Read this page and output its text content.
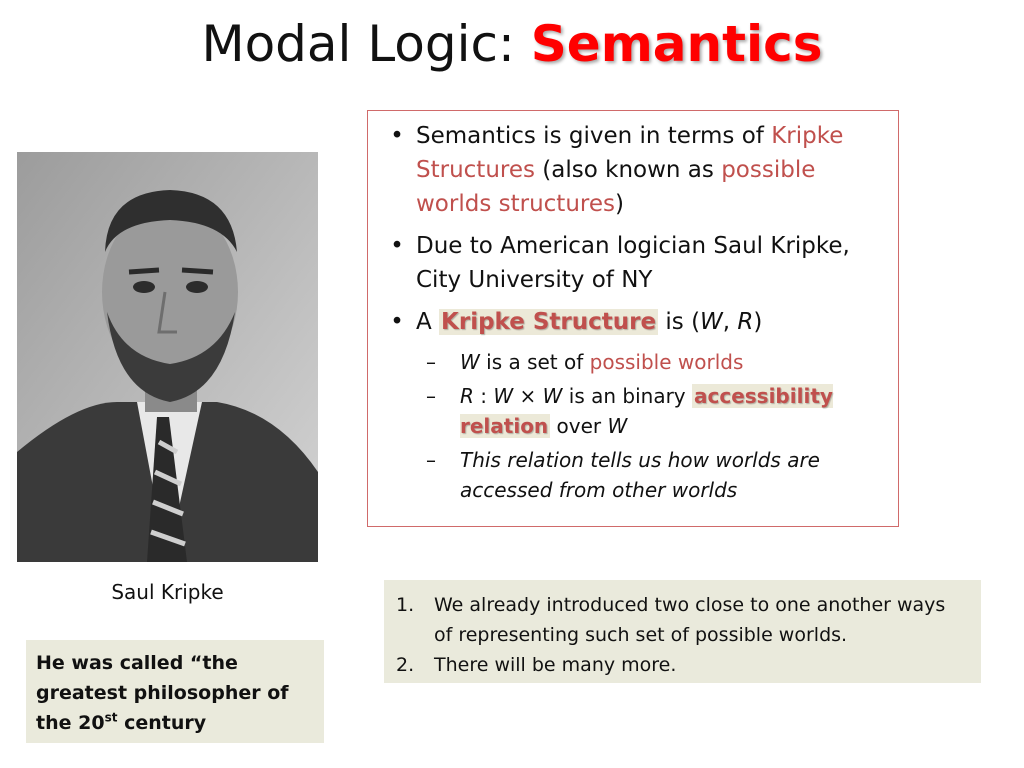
Modal Logic: Semantics
Saul Kripke
He was called “the greatest philosopher of the 20st century
• Semantics is given in terms of Kripke Structures (also known as possible worlds structures)
• Due to American logician Saul Kripke, City University of NY
• A Kripke Structure is (W, R)
–	W is a set of possible worlds
–	R : W × W is an binary accessibility relation over W
–	This relation tells us how worlds are accessed from other worlds
1.	We already introduced two close to one another ways of representing such set of possible worlds.
2.	There will be many more.
